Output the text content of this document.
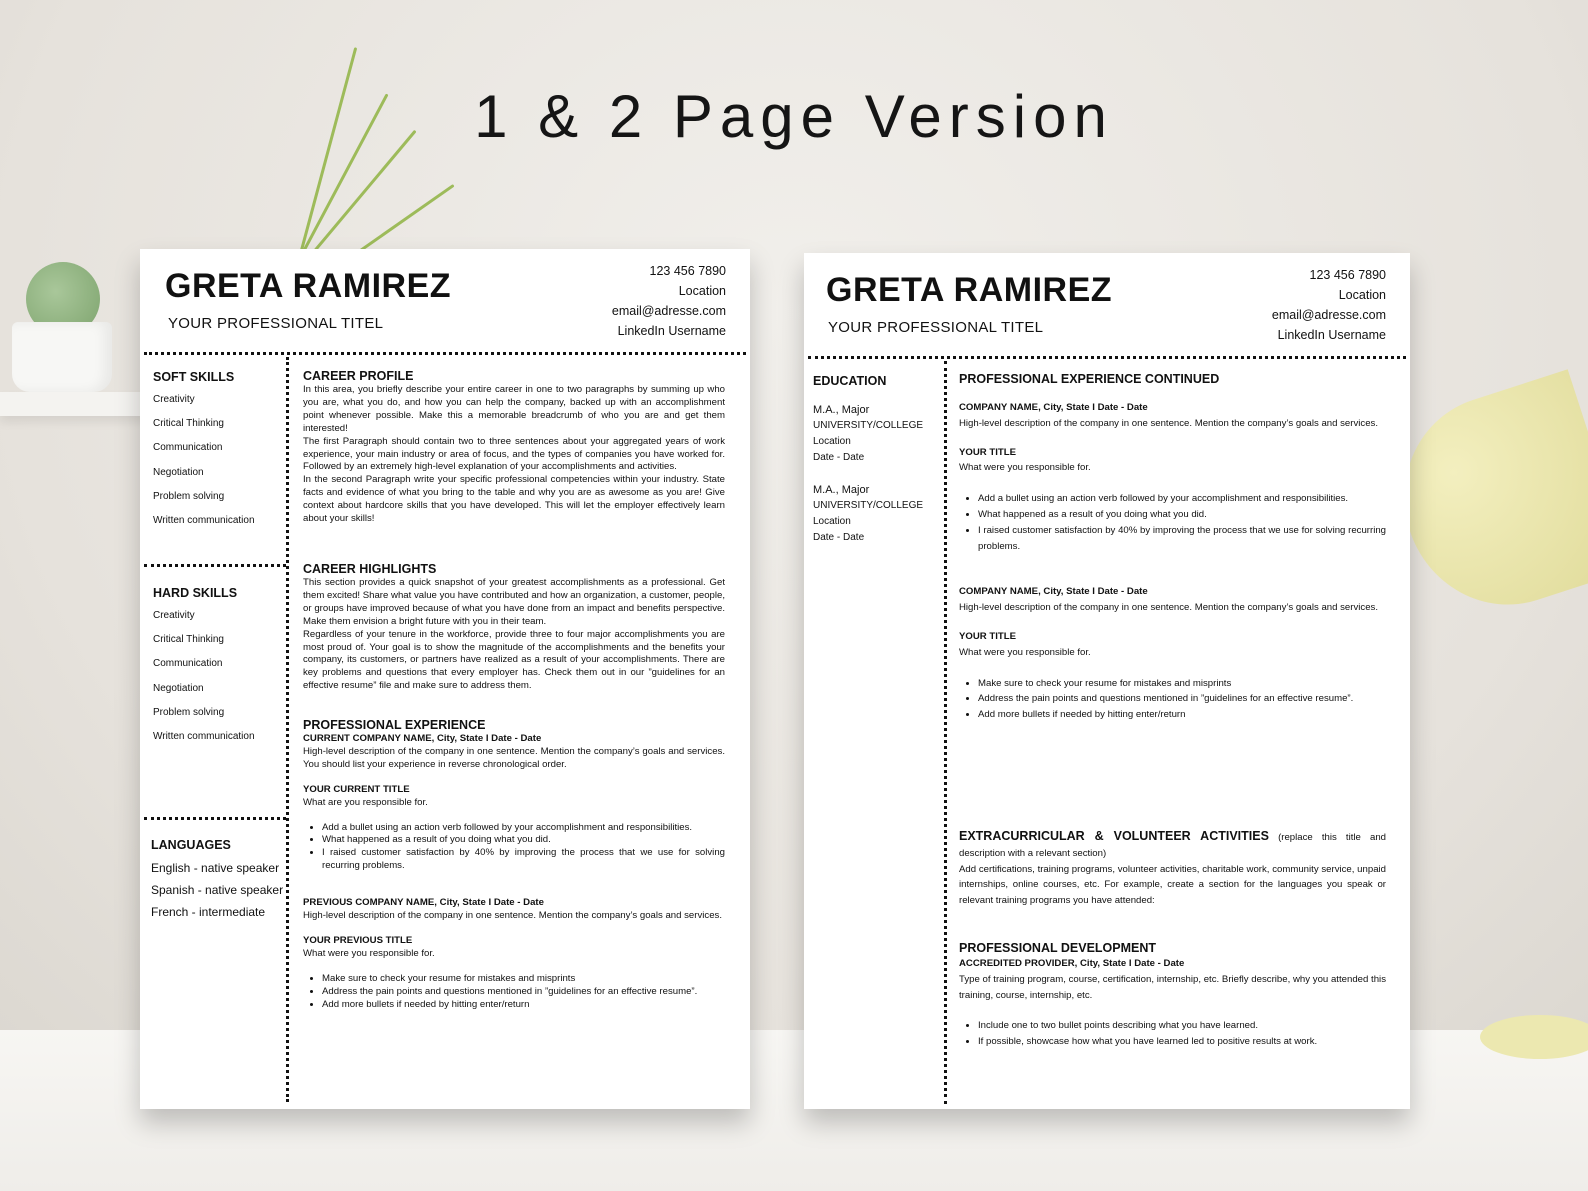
1 & 2 Page Version
GRETA RAMIREZ
YOUR PROFESSIONAL TITEL
123 456 7890
Location
email@adresse.com
LinkedIn Username
SOFT SKILLS
Creativity
Critical Thinking
Communication
Negotiation
Problem solving
Written communication
HARD SKILLS
Creativity
Critical Thinking
Communication
Negotiation
Problem solving
Written communication
LANGUAGES
English - native speaker
Spanish - native speaker
French - intermediate
CAREER PROFILE
In this area, you briefly describe your entire career in one to two paragraphs by summing up who you are, what you do, and how you can help the company, backed up with an accomplishment point whenever possible. Make this a memorable breadcrumb of who you are and get them interested!
The first Paragraph should contain two to three sentences about your aggregated years of work experience, your main industry or area of focus, and the types of companies you have worked for. Followed by an extremely high-level explanation of your accomplishments and activities.
In the second Paragraph write your specific professional competencies within your industry. State facts and evidence of what you bring to the table and why you are as awesome as you are! Give context about hardcore skills that you have developed. This will let the employer effectively learn about your skills!
CAREER HIGHLIGHTS
This section provides a quick snapshot of your greatest accomplishments as a professional. Get them excited! Share what value you have contributed and how an organization, a customer, people, or groups have improved because of what you have done from an impact and benefits perspective. Make them envision a bright future with you in their team.
Regardless of your tenure in the workforce, provide three to four major accomplishments you are most proud of. Your goal is to show the magnitude of the accomplishments and the benefits your company, its customers, or partners have realized as a result of your accomplishments. There are key problems and questions that every employer has. Check them out in our ”guidelines for an effective resume” file and make sure to address them.
PROFESSIONAL EXPERIENCE
CURRENT COMPANY NAME, City, State I Date - Date
High-level description of the company in one sentence. Mention the company’s goals and services. You should list your experience in reverse chronological order.
YOUR CURRENT TITLE
What are you responsible for.
• Add a bullet using an action verb followed by your accomplishment and responsibilities.
• What happened as a result of you doing what you did.
• I raised customer satisfaction by 40% by improving the process that we use for solving recurring problems.
PREVIOUS COMPANY NAME, City, State I Date - Date
High-level description of the company in one sentence. Mention the company’s goals and services.
YOUR PREVIOUS TITLE
What were you responsible for.
• Make sure to check your resume for mistakes and misprints
• Address the pain points and questions mentioned in ”guidelines for an effective resume”.
• Add more bullets if needed by hitting enter/return
GRETA RAMIREZ
YOUR PROFESSIONAL TITEL
123 456 7890
Location
email@adresse.com
LinkedIn Username
EDUCATION
M.A., Major
UNIVERSITY/COLLEGE
Location
Date - Date
M.A., Major
UNIVERSITY/COLLEGE
Location
Date - Date
PROFESSIONAL EXPERIENCE CONTINUED
COMPANY NAME, City, State I Date - Date
High-level description of the company in one sentence. Mention the company’s goals and services.
YOUR TITLE
What were you responsible for.
• Add a bullet using an action verb followed by your accomplishment and responsibilities.
• What happened as a result of you doing what you did.
• I raised customer satisfaction by 40% by improving the process that we use for solving recurring problems.
COMPANY NAME, City, State I Date - Date
High-level description of the company in one sentence. Mention the company’s goals and services.
YOUR TITLE
What were you responsible for.
• Make sure to check your resume for mistakes and misprints
• Address the pain points and questions mentioned in ”guidelines for an effective resume”.
• Add more bullets if needed by hitting enter/return
EXTRACURRICULAR & VOLUNTEER ACTIVITIES (replace this title and description with a relevant section)
Add certifications, training programs, volunteer activities, charitable work, community service, unpaid internships, online courses, etc. For example, create a section for the languages you speak or relevant training programs you have attended:
PROFESSIONAL DEVELOPMENT
ACCREDITED PROVIDER, City, State I Date - Date
Type of training program, course, certification, internship, etc. Briefly describe, why you attended this training, course, internship, etc.
• Include one to two bullet points describing what you have learned.
• If possible, showcase how what you have learned led to positive results at work.
